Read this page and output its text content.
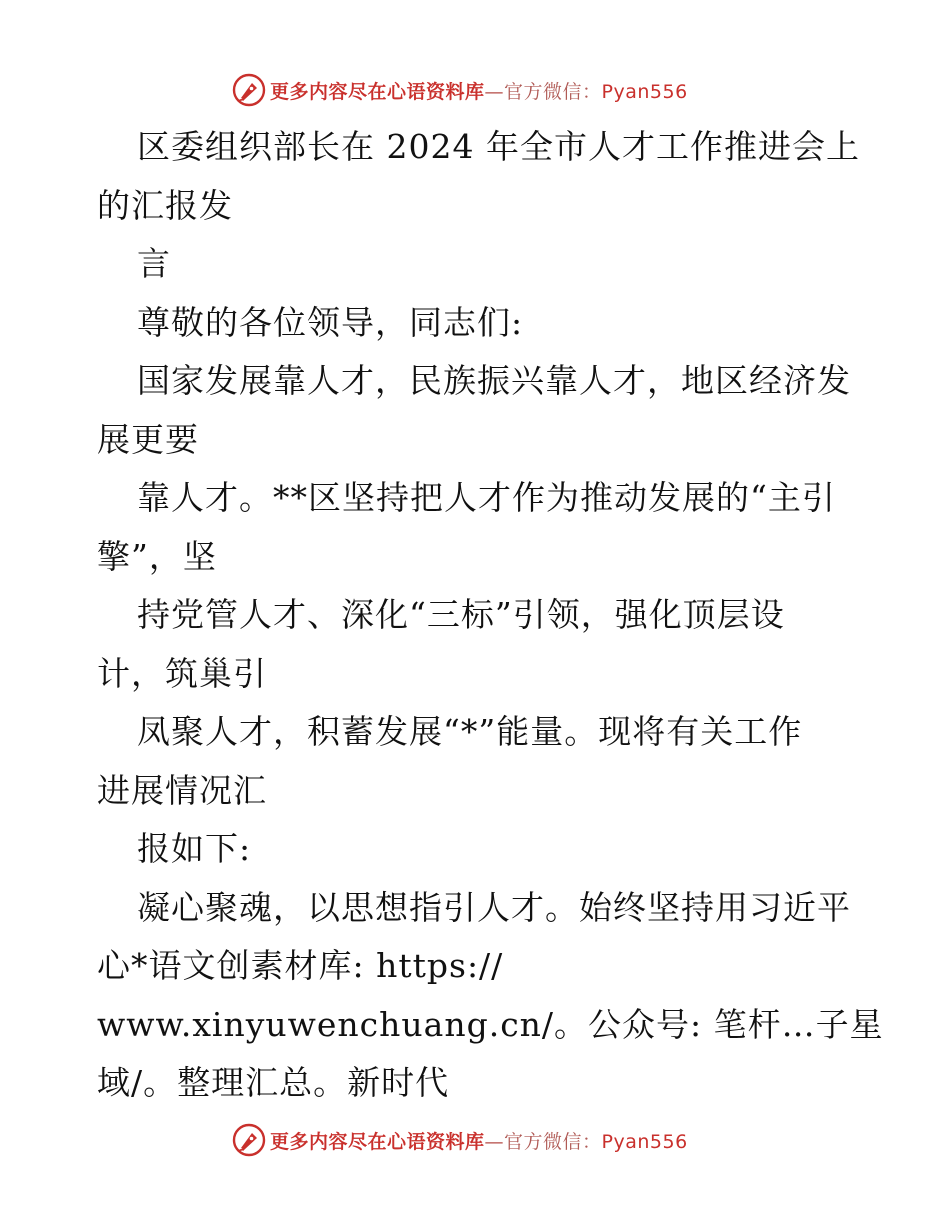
更多内容尽在心语资料库—官方微信：Pyan556
区委组织部长在 2024 年全市人才工作推进会上
的汇报发
言
尊敬的各位领导，同志们:
国家发展靠人才，民族振兴靠人才，地区经济发
展更要
靠人才。**区坚持把人才作为推动发展的“主引
擎”，坚
持党管人才、深化“三标”引领，强化顶层设
计，筑巢引
凤聚人才，积蓄发展“*”能量。现将有关工作
进展情况汇
报如下:
凝心聚魂，以思想指引人才。始终坚持用习近平
心*语文创素材库: https://
www.xinyuwenchuang.cn/。公众号: 笔杆…子星
域/。整理汇总。新时代
更多内容尽在心语资料库—官方微信：Pyan556
